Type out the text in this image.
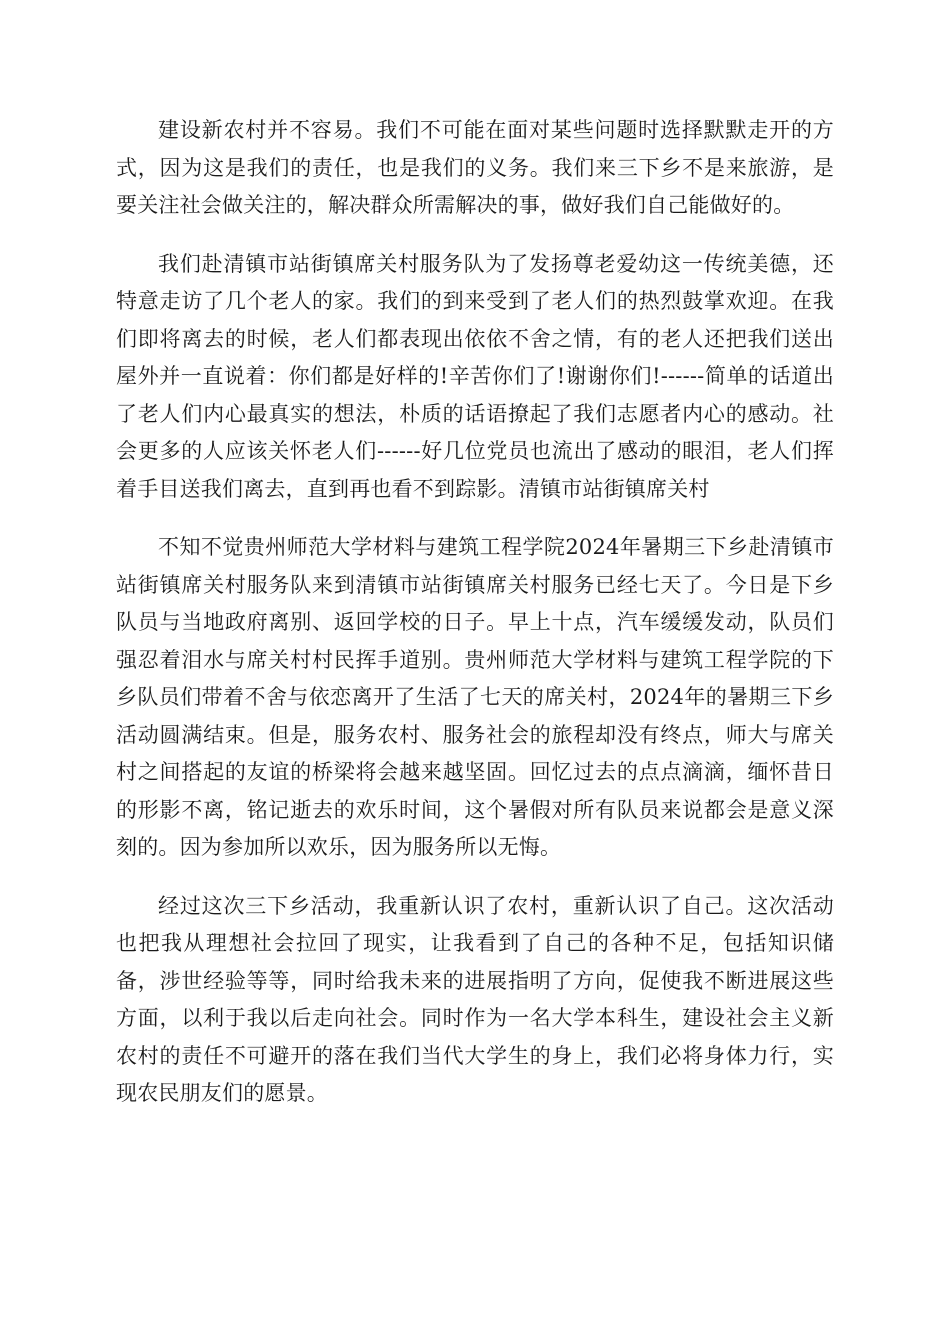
建设新农村并不容易。我们不可能在面对某些问题时选择默默走开的方式，因为这是我们的责任，也是我们的义务。我们来三下乡不是来旅游，是要关注社会做关注的，解决群众所需解决的事，做好我们自己能做好的。

我们赴清镇市站街镇席关村服务队为了发扬尊老爱幼这一传统美德，还特意走访了几个老人的家。我们的到来受到了老人们的热烈鼓掌欢迎。在我们即将离去的时候，老人们都表现出依依不舍之情，有的老人还把我们送出屋外并一直说着：你们都是好样的!辛苦你们了!谢谢你们!------简单的话道出了老人们内心最真实的想法，朴质的话语撩起了我们志愿者内心的感动。社会更多的人应该关怀老人们------好几位党员也流出了感动的眼泪，老人们挥着手目送我们离去，直到再也看不到踪影。清镇市站街镇席关村

不知不觉贵州师范大学材料与建筑工程学院2024年暑期三下乡赴清镇市站街镇席关村服务队来到清镇市站街镇席关村服务已经七天了。今日是下乡队员与当地政府离别、返回学校的日子。早上十点，汽车缓缓发动，队员们强忍着泪水与席关村村民挥手道别。贵州师范大学材料与建筑工程学院的下乡队员们带着不舍与依恋离开了生活了七天的席关村，2024年的暑期三下乡活动圆满结束。但是，服务农村、服务社会的旅程却没有终点，师大与席关村之间搭起的友谊的桥梁将会越来越坚固。回忆过去的点点滴滴，缅怀昔日的形影不离，铭记逝去的欢乐时间，这个暑假对所有队员来说都会是意义深刻的。因为参加所以欢乐，因为服务所以无悔。

经过这次三下乡活动，我重新认识了农村，重新认识了自己。这次活动也把我从理想社会拉回了现实，让我看到了自己的各种不足，包括知识储备，涉世经验等等，同时给我未来的进展指明了方向，促使我不断进展这些方面，以利于我以后走向社会。同时作为一名大学本科生，建设社会主义新农村的责任不可避开的落在我们当代大学生的身上，我们必将身体力行，实现农民朋友们的愿景。
